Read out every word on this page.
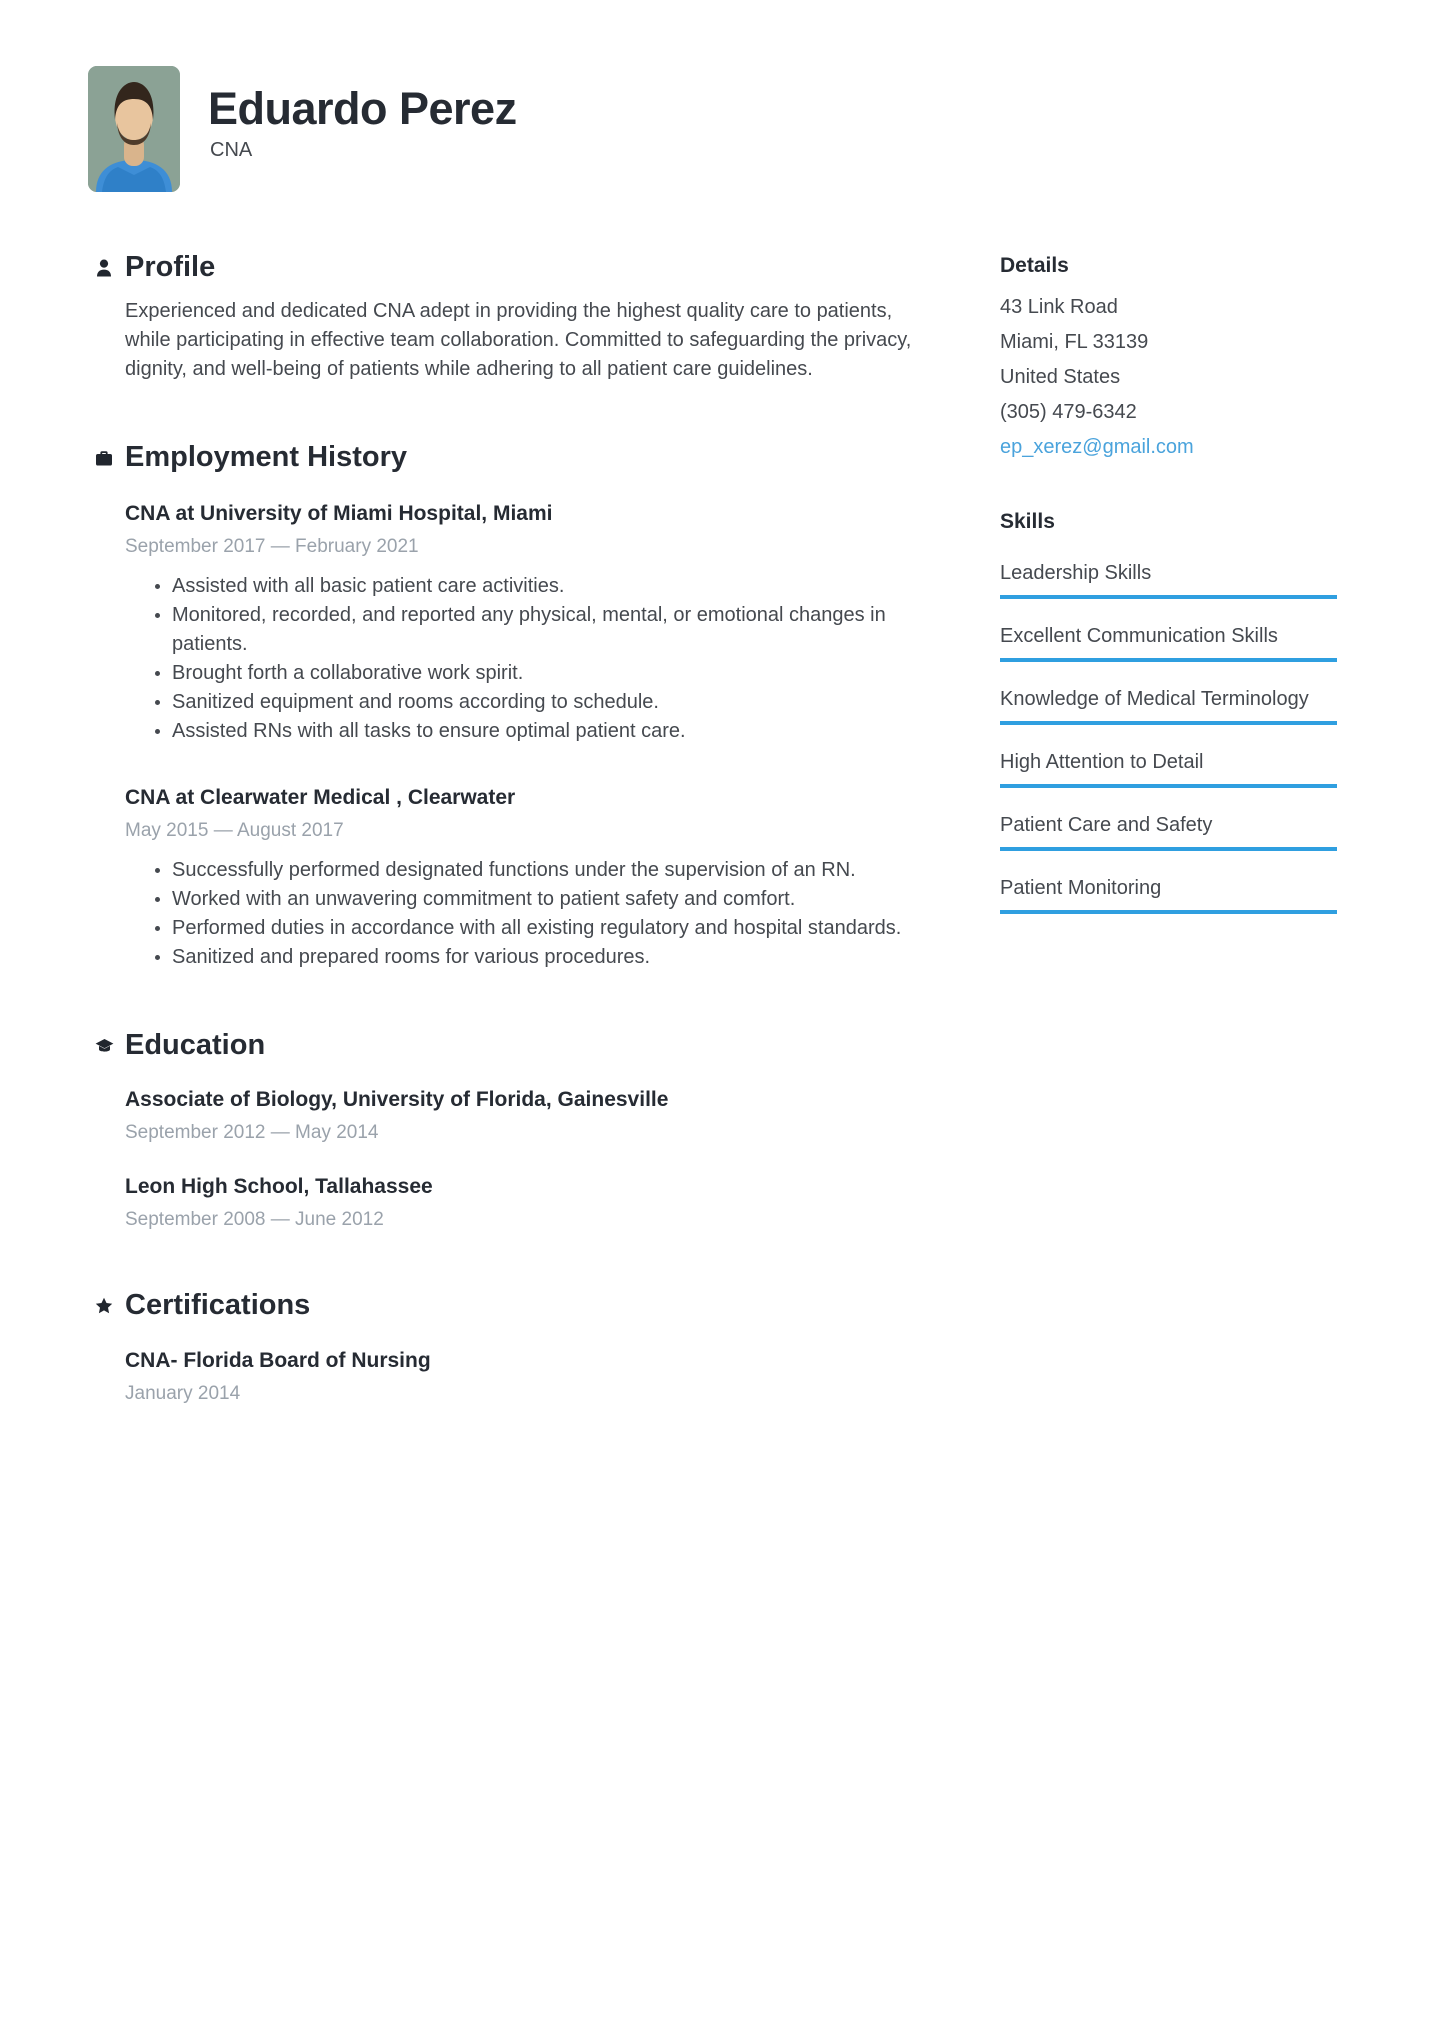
Eduardo Perez
CNA
Profile

Experienced and dedicated CNA adept in providing the highest quality care to patients, while participating in effective team collaboration. Committed to safeguarding the privacy, dignity, and well-being of patients while adhering to all patient care guidelines.

Employment History
CNA at University of Miami Hospital, Miami
September 2017 — February 2021
Assisted with all basic patient care activities.
Monitored, recorded, and reported any physical, mental, or emotional changes in patients.
Brought forth a collaborative work spirit.
Sanitized equipment and rooms according to schedule.
Assisted RNs with all tasks to ensure optimal patient care.
CNA at Clearwater Medical , Clearwater
May 2015 — August 2017
Successfully performed designated functions under the supervision of an RN.
Worked with an unwavering commitment to patient safety and comfort.
Performed duties in accordance with all existing regulatory and hospital standards.
Sanitized and prepared rooms for various procedures.
Education
Associate of Biology, University of Florida, Gainesville
September 2012 — May 2014
Leon High School, Tallahassee
September 2008 — June 2012
Certifications
CNA- Florida Board of Nursing
January 2014
Details
43 Link Road
Miami, FL 33139
United States
(305) 479-6342
ep_xerez@gmail.com
Skills
Leadership Skills
Excellent Communication Skills
Knowledge of Medical Terminology
High Attention to Detail
Patient Care and Safety
Patient Monitoring
